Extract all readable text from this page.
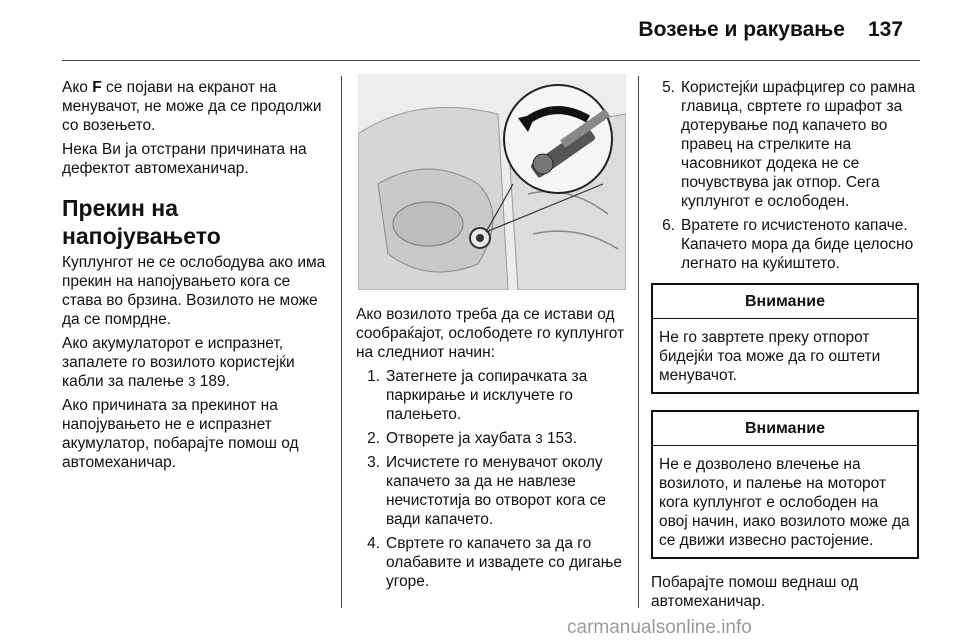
Возење и ракување 137

Ако F се појави на екранот на менувачот, не може да се продолжи со возењето.

Нека Ви ја отстрани причината на дефектот автомеханичар.

Прекин на напојувањето

Куплунгот не се ослободува ако има прекин на напојувањето кога се става во брзина. Возилото не може да се помрдне.

Ако акумулаторот е испразнет, запалете го возилото користејќи кабли за палење 3 189.

Ако причината за прекинот на напојувањето не е испразнет акумулатор, побарајте помош од автомеханичар.

Ако возилото треба да се истави од сообраќајот, ослободете го куплунгот на следниот начин:

1. Затегнете ја сопирачката за паркирање и исклучете го палењето.
2. Отворете ја хаубата 3 153.
3. Исчистете го менувачот околу капачето за да не навлезе нечистотија во отворот кога се вади капачето.
4. Свртете го капачето за да го олабавите и извадете со дигање угоре.
5. Користејќи шрафцигер со рамна главица, свртете го шрафот за дотерување под капачето во правец на стрелките на часовникот додека не се почувствува јак отпор. Сега куплунгот е ослободен.
6. Вратете го исчистеното капаче. Капачето мора да биде целосно легнато на куќиштето.
Внимание
Не го завртете преку отпорот бидејќи тоа може да го оштети менувачот.
Внимание
Не е дозволено влечење на возилото, и палење на моторот кога куплунгот е ослободен на овој начин, иако возилото може да се движи извесно растојение.

Побарајте помош веднаш од автомеханичар.

carmanualsonline.info
